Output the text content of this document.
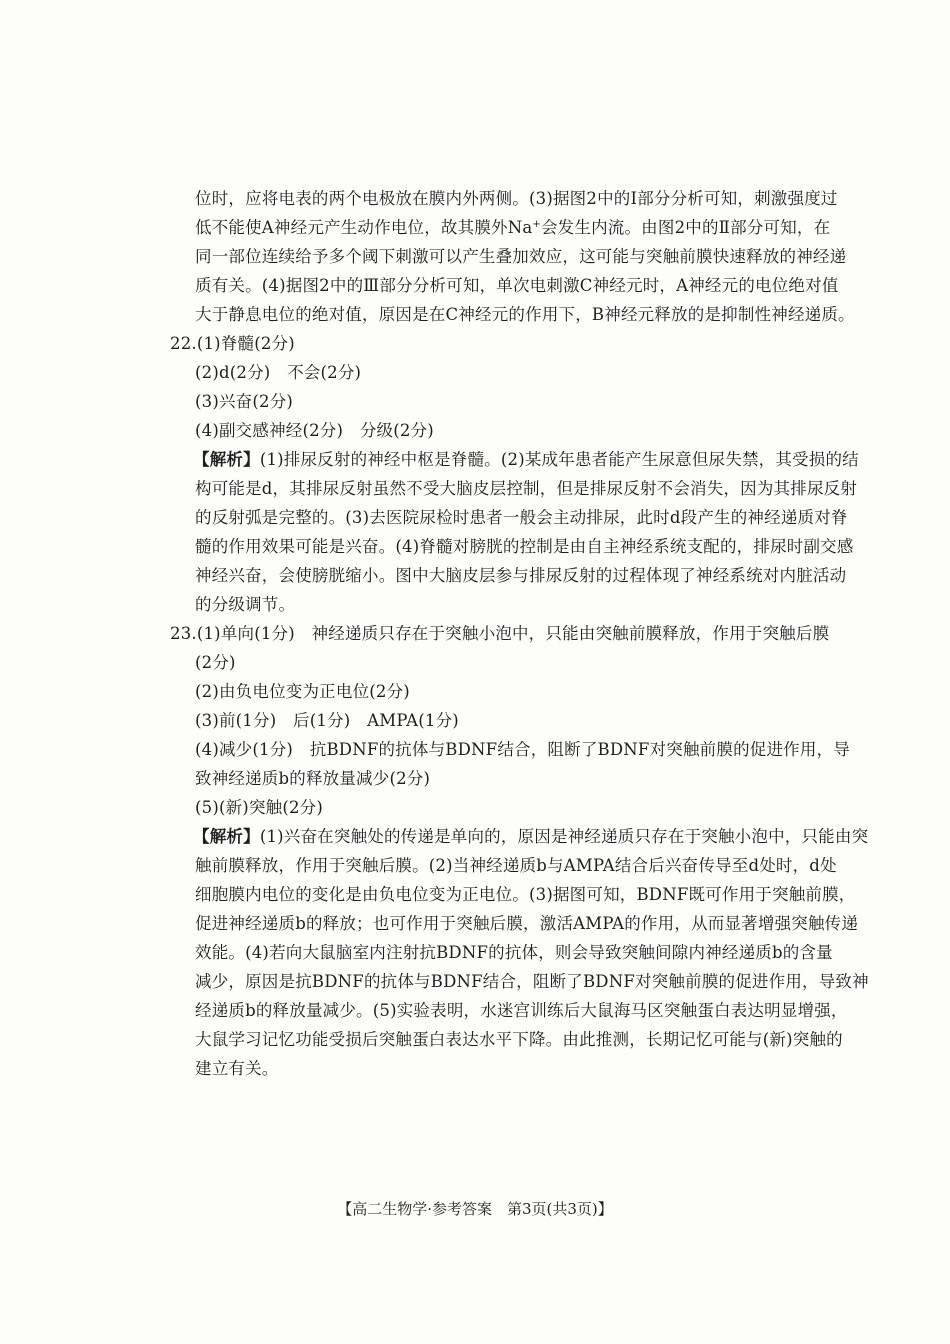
位时，应将电表的两个电极放在膜内外两侧。(3)据图2中的Ⅰ部分分析可知，刺激强度过
低不能使A神经元产生动作电位，故其膜外Na+会发生内流。由图2中的Ⅱ部分可知，在
同一部位连续给予多个阈下刺激可以产生叠加效应，这可能与突触前膜快速释放的神经递
质有关。(4)据图2中的Ⅲ部分分析可知，单次电刺激C神经元时，A神经元的电位绝对值
大于静息电位的绝对值，原因是在C神经元的作用下，B神经元释放的是抑制性神经递质。
22.(1)脊髓(2分)
(2)d(2分)　不会(2分)
(3)兴奋(2分)
(4)副交感神经(2分)　分级(2分)
【解析】(1)排尿反射的神经中枢是脊髓。(2)某成年患者能产生尿意但尿失禁，其受损的结
构可能是d，其排尿反射虽然不受大脑皮层控制，但是排尿反射不会消失，因为其排尿反射
的反射弧是完整的。(3)去医院尿检时患者一般会主动排尿，此时d段产生的神经递质对脊
髓的作用效果可能是兴奋。(4)脊髓对膀胱的控制是由自主神经系统支配的，排尿时副交感
神经兴奋，会使膀胱缩小。图中大脑皮层参与排尿反射的过程体现了神经系统对内脏活动
的分级调节。
23.(1)单向(1分)　神经递质只存在于突触小泡中，只能由突触前膜释放，作用于突触后膜
(2分)
(2)由负电位变为正电位(2分)
(3)前(1分)　后(1分)　AMPA(1分)
(4)减少(1分)　抗BDNF的抗体与BDNF结合，阻断了BDNF对突触前膜的促进作用，导
致神经递质b的释放量减少(2分)
(5)(新)突触(2分)
【解析】(1)兴奋在突触处的传递是单向的，原因是神经递质只存在于突触小泡中，只能由突
触前膜释放，作用于突触后膜。(2)当神经递质b与AMPA结合后兴奋传导至d处时，d处
细胞膜内电位的变化是由负电位变为正电位。(3)据图可知，BDNF既可作用于突触前膜，
促进神经递质b的释放；也可作用于突触后膜，激活AMPA的作用，从而显著增强突触传递
效能。(4)若向大鼠脑室内注射抗BDNF的抗体，则会导致突触间隙内神经递质b的含量
减少，原因是抗BDNF的抗体与BDNF结合，阻断了BDNF对突触前膜的促进作用，导致神
经递质b的释放量减少。(5)实验表明，水迷宫训练后大鼠海马区突触蛋白表达明显增强，
大鼠学习记忆功能受损后突触蛋白表达水平下降。由此推测，长期记忆可能与(新)突触的
建立有关。
【高二生物学·参考答案　第3页(共3页)】
